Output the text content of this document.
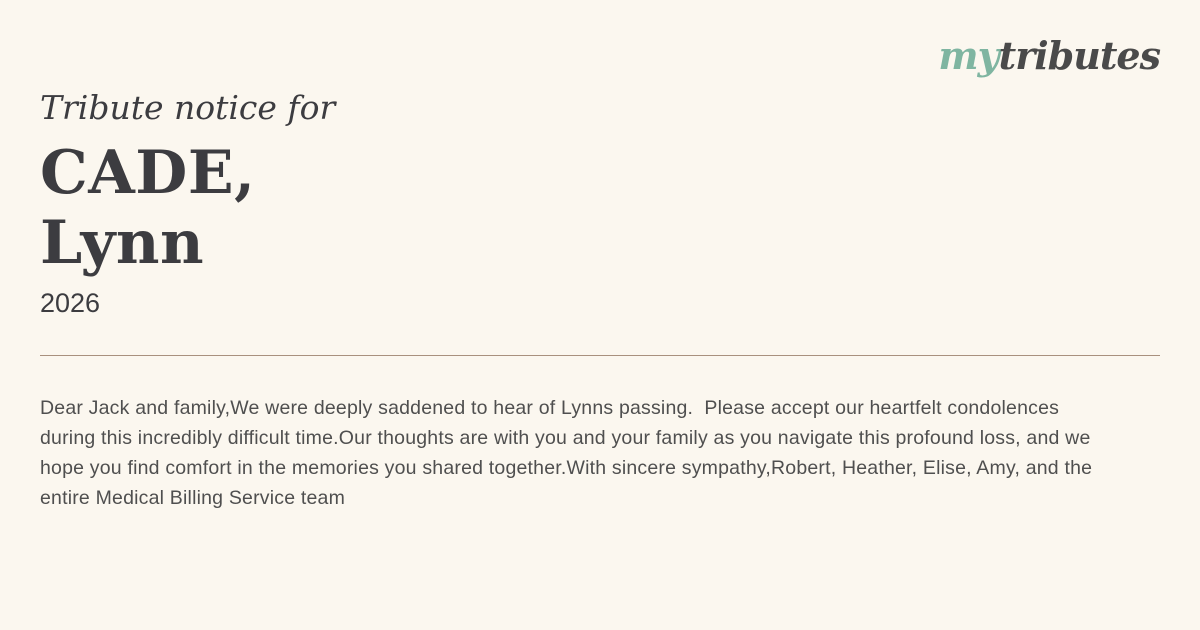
mytributes
Tribute notice for
CADE,
Lynn
2026

Dear Jack and family,We were deeply saddened to hear of Lynns passing.  Please accept our heartfelt condolences during this incredibly difficult time.Our thoughts are with you and your family as you navigate this profound loss, and we hope you find comfort in the memories you shared together.With sincere sympathy,Robert, Heather, Elise, Amy, and the entire Medical Billing Service team
